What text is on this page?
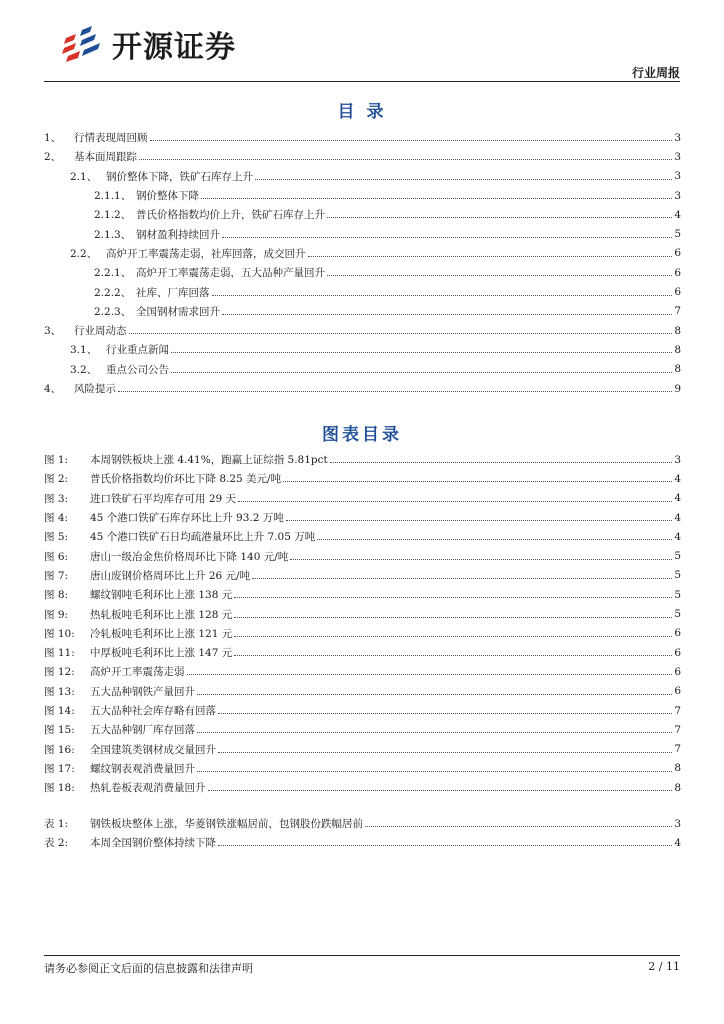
开源证券
行业周报
目 录
1、	行情表现周回顾	3
2、	基本面周跟踪	3
2.1、 钢价整体下降，铁矿石库存上升	3
2.1.1、 钢价整体下降	3
2.1.2、 普氏价格指数均价上升，铁矿石库存上升	4
2.1.3、 钢材盈利持续回升	5
2.2、 高炉开工率震荡走弱，社库回落，成交回升	6
2.2.1、 高炉开工率震荡走弱，五大品种产量回升	6
2.2.2、 社库、厂库回落	6
2.2.3、 全国钢材需求回升	7
3、	行业周动态	8
3.1、 行业重点新闻	8
3.2、 重点公司公告	8
4、	风险提示	9
图表目录
图 1:	本周钢铁板块上涨 4.41%，跑赢上证综指 5.81pct	3
图 2:	普氏价格指数均价环比下降 8.25 美元/吨	4
图 3:	进口铁矿石平均库存可用 29 天	4
图 4:	45 个港口铁矿石库存环比上升 93.2 万吨	4
图 5:	45 个港口铁矿石日均疏港量环比上升 7.05 万吨	4
图 6:	唐山一级冶金焦价格周环比下降 140 元/吨	5
图 7:	唐山废钢价格周环比上升 26 元/吨	5
图 8:	螺纹钢吨毛利环比上涨 138 元	5
图 9:	热轧板吨毛利环比上涨 128 元	5
图 10:	冷轧板吨毛利环比上涨 121 元	6
图 11:	中厚板吨毛利环比上涨 147 元	6
图 12:	高炉开工率震荡走弱	6
图 13:	五大品种钢铁产量回升	6
图 14:	五大品种社会库存略有回落	7
图 15:	五大品种钢厂库存回落	7
图 16:	全国建筑类钢材成交量回升	7
图 17:	螺纹钢表观消费量回升	8
图 18:	热轧卷板表观消费量回升	8
表 1:	钢铁板块整体上涨，华菱钢铁涨幅居前，包钢股份跌幅居前	3
表 2:	本周全国钢价整体持续下降	4
请务必参阅正文后面的信息披露和法律声明	2 / 11
